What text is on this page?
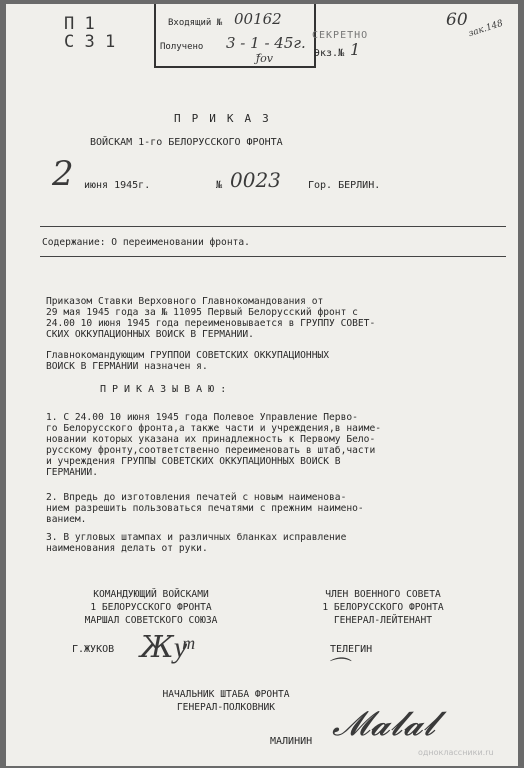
П 1
С 3 1
Входящий № 00162
Получено 3 - 1 - 45г.
ƒ̃ov
СЕКРЕТНО
Экз.№ 1
60 зак.148
ПРИКАЗ
ВОЙСКАМ 1-го БЕЛОРУССКОГО ФРОНТА
2 июня 1945г.	№ 0023	Гор. БЕРЛИН.
Содержание: О переименовании фронта.
Приказом Ставки Верховного Главнокомандования от
29 мая 1945 года за № 11095 Первый Белорусский фронт с
24.00 10 июня 1945 года переименовывается в ГРУППУ СОВЕТ-
СКИХ ОККУПАЦИОННЫХ ВОЙСК В ГЕРМАНИИ.
Главнокомандующим ГРУППОЙ СОВЕТСКИХ ОККУПАЦИОННЫХ
ВОЙСК В ГЕРМАНИИ назначен я.
ПРИКАЗЫВАЮ:
1. С 24.00 10 июня 1945 года Полевое Управление Перво-
го Белорусского фронта,а также части и учреждения,в наиме-
новании которых указана их принадлежность к Первому Бело-
русскому фронту,соответственно переименовать в штаб,части
и учреждения ГРУППЫ СОВЕТСКИХ ОККУПАЦИОННЫХ ВОЙСК В
ГЕРМАНИИ.
2. Впредь до изготовления печатей с новым наименова-
нием разрешить пользоваться печатями с прежним наимено-
ванием.
3. В угловых штампах и различных бланках исправление
наименования делать от руки.
КОМАНДУЮЩИЙ ВОЙСКАМИ
1 БЕЛОРУССКОГО ФРОНТА
МАРШАЛ СОВЕТСКОГО СОЮЗА
Г.ЖУКОВ Жуͫ
ЧЛЕН ВОЕННОГО СОВЕТА
1 БЕЛОРУССКОГО ФРОНТА
ГЕНЕРАЛ-ЛЕЙТЕНАНТ
ТЕЛЕГИН
⌒
НАЧАЛЬНИК ШТАБА ФРОНТА
ГЕНЕРАЛ-ПОЛКОВНИК
МАЛИНИН 𝓜𝓪𝓵𝓪𝓵
одноклассники.ru
